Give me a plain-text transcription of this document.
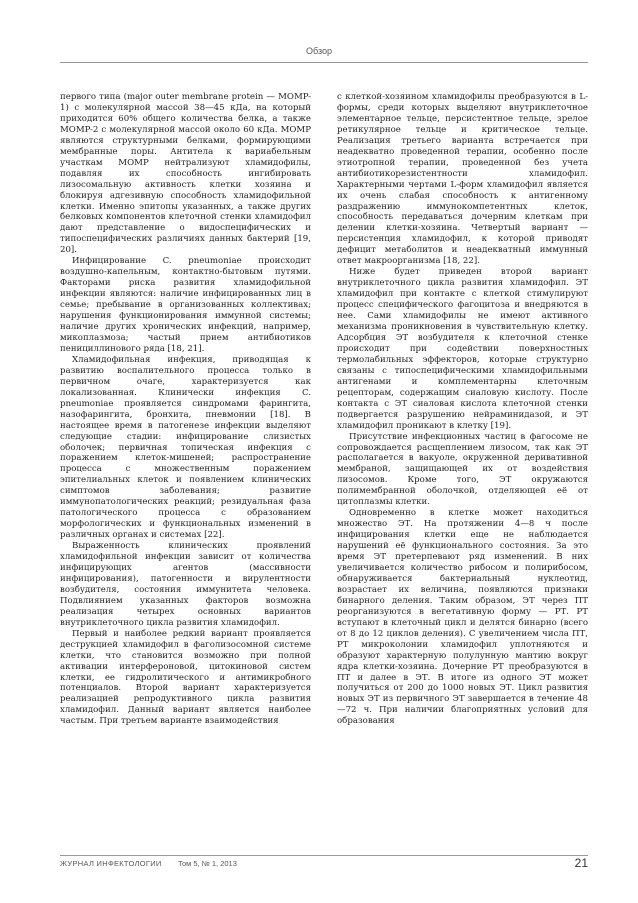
Обзор

первого типа (major outer membrane protein — MOMP-1) с молекулярной массой 38—45 кДа, на который приходится 60% общего количества белка, а также MOMP-2 с молекулярной массой около 60 кДа. MOMP являются структурными белками, формирующими мембранные поры. Антитела к вариабельным участкам MOMP нейтрализуют хламидофилы, подавляя их способность ингибировать лизосомальную активность клетки хозяина и блокируя адгезивную способность хламидофильной клетки. Именно эпитопы указанных, а также других белковых компонентов клеточной стенки хламидофил дают представление о видоспецифических и типоспецифических различиях данных бактерий [19, 20].

Инфицирование C. pneumoniae происходит воздушно-капельным, контактно-бытовым путями. Факторами риска развития хламидофильной инфекции являются: наличие инфицированных лиц в семье; пребывание в организованных коллективах; нарушения функционирования иммунной системы; наличие других хронических инфекций, например, микоплазмоза; частый прием антибиотиков пенициллинового ряда [18, 21].

Хламидофильная инфекция, приводящая к развитию воспалительного процесса только в первичном очаге, характеризуется как локализованная. Клинически инфекция C. pneumoniae проявляется синдромами фарингита, назофарингита, бронхита, пневмонии [18]. В настоящее время в патогенезе инфекции выделяют следующие стадии: инфицирование слизистых оболочек; первичная топическая инфекция с поражением клеток-мишеней; распространение процесса с множественным поражением эпителиальных клеток и появлением клинических симптомов заболевания; развитие иммунопатологических реакций; резидуальная фаза патологического процесса с образованием морфологических и функциональных изменений в различных органах и системах [22].

Выраженность клинических проявлений хламидофильной инфекции зависит от количества инфицирующих агентов (массивности инфицирования), патогенности и вирулентности возбудителя, состояния иммунитета человека. Подвлиянием указанных факторов возможна реализация четырех основных вариантов внутриклеточного цикла развития хламидофил.

Первый и наиболее редкий вариант проявляется деструкцией хламидофил в фаголизосомной системе клетки, что становится возможно при полной активации интерфероновой, цитокиновой систем клетки, ее гидролитического и антимикробного потенциалов. Второй вариант характеризуется реализацией репродуктивного цикла развития хламидофил. Данный вариант является наиболее частым. При третьем варианте взаимодействия

с клеткой-хозяином хламидофилы преобразуются в L-формы, среди которых выделяют внутриклеточное элементарное тельце, персистентное тельце, зрелое ретикулярное тельце и критическое тельце. Реализация третьего варианта встречается при неадекватно проведенной терапии, особенно после этиотропной терапии, проведенной без учета антибиотикорезистентности хламидофил. Характерными чертами L-форм хламидофил является их очень слабая способность к антигенному раздражению иммунокомпетентных клеток, способность передаваться дочерним клеткам при делении клетки-хозяина. Четвертый вариант — персистенция хламидофил, к которой приводят дефицит метаболитов и неадекватный иммунный ответ макроорганизма [18, 22].

Ниже будет приведен второй вариант внутриклеточного цикла развития хламидофил. ЭТ хламидофил при контакте с клеткой стимулируют процесс специфического фагоцитоза и внедряются в нее. Сами хламидофилы не имеют активного механизма проникновения в чувствительную клетку. Адсорбция ЭТ возбудителя к клеточной стенке происходит при содействии поверхностных термолабильных эффекторов, которые структурно связаны с типоспецифическими хламидофильными антигенами и комплементарны клеточным рецепторам, содержащим сиаловую кислоту. После контакта с ЭТ сиаловая кислота клеточной стенки подвергается разрушению нейраминидазой, и ЭТ хламидофил проникают в клетку [19].

Присутствие инфекционных частиц в фагосоме не сопровождается расщеплением лизосом, так как ЭТ располагается в вакуоле, окруженной деривативной мембраной, защищающей их от воздействия лизосомов. Кроме того, ЭТ окружаются полимембранной оболочкой, отделяющей её от цитоплазмы клетки.

Одновременно в клетке может находиться множество ЭТ. На протяжении 4—8 ч после инфицирования клетки еще не наблюдается нарушений её функционального состояния. За это время ЭТ претерпевают ряд изменений. В них увеличивается количество рибосом и полирибосом, обнаруживается бактериальный нуклеотид, возрастает их величина, появляются признаки бинарного деления. Таким образом, ЭТ через ПТ реорганизуются в вегетативную форму — РТ. РТ вступают в клеточный цикл и делятся бинарно (всего от 8 до 12 циклов деления). С увеличением числа ПТ, РТ микроколонии хламидофил уплотняются и образуют характерную полулунную мантию вокруг ядра клетки-хозяина. Дочерние РТ преобразуются в ПТ и далее в ЭТ. В итоге из одного ЭТ может получиться от 200 до 1000 новых ЭТ. Цикл развития новых ЭТ из первичного ЭТ завершается в течение 48—72 ч. При наличии благоприятных условий для образования

ЖУРНАЛ ИНФЕКТОЛОГИИ Том 5, № 1, 2013	21
